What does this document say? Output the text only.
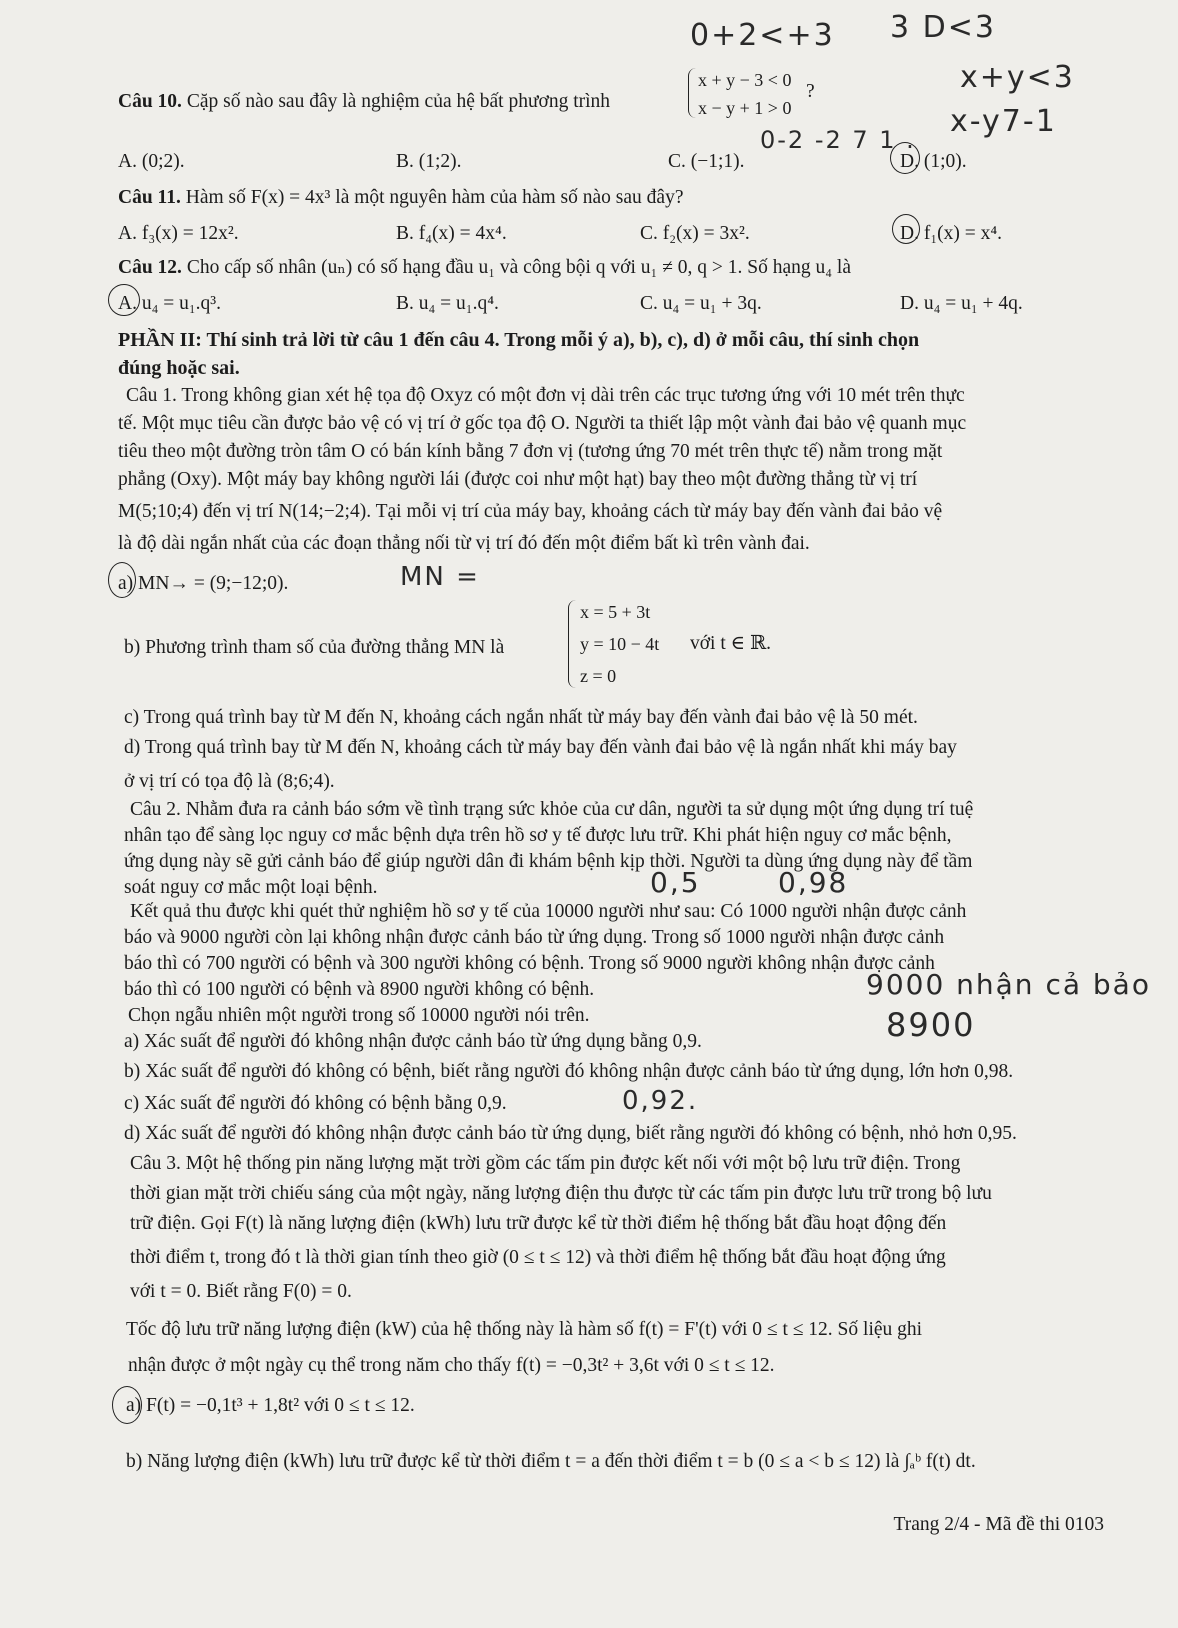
0+2<+3 3 D<3
x+y<3
x-y7-1
Câu 10. Cặp số nào sau đây là nghiệm của hệ bất phương trình
x + y − 3 < 0
x − y + 1 > 0
?
A. (0;2).	B. (1;2).	C. (−1;1).	D. (1;0).
0-2 -2 7 1 .
Câu 11. Hàm số F(x) = 4x³ là một nguyên hàm của hàm số nào sau đây?
A. f₃(x) = 12x².	B. f₄(x) = 4x⁴.	C. f₂(x) = 3x².	D. f₁(x) = x⁴.
Câu 12. Cho cấp số nhân (uₙ) có số hạng đầu u₁ và công bội q với u₁ ≠ 0, q > 1. Số hạng u₄ là
A. u₄ = u₁.q³.	B. u₄ = u₁.q⁴.	C. u₄ = u₁ + 3q.	D. u₄ = u₁ + 4q.
PHẦN II: Thí sinh trả lời từ câu 1 đến câu 4. Trong mỗi ý a), b), c), d) ở mỗi câu, thí sinh chọn
đúng hoặc sai.
Câu 1. Trong không gian xét hệ tọa độ Oxyz có một đơn vị dài trên các trục tương ứng với 10 mét trên thực
tế. Một mục tiêu cần được bảo vệ có vị trí ở gốc tọa độ O. Người ta thiết lập một vành đai bảo vệ quanh mục
tiêu theo một đường tròn tâm O có bán kính bằng 7 đơn vị (tương ứng 70 mét trên thực tế) nằm trong mặt
phẳng (Oxy). Một máy bay không người lái (được coi như một hạt) bay theo một đường thẳng từ vị trí
M(5;10;4) đến vị trí N(14;−2;4). Tại mỗi vị trí của máy bay, khoảng cách từ máy bay đến vành đai bảo vệ
là độ dài ngắn nhất của các đoạn thẳng nối từ vị trí đó đến một điểm bất kì trên vành đai.
a) MN→ = (9;−12;0).	MN =
b) Phương trình tham số của đường thẳng MN là
x = 5 + 3t
y = 10 − 4t
z = 0
với t ∈ ℝ.
c) Trong quá trình bay từ M đến N, khoảng cách ngắn nhất từ máy bay đến vành đai bảo vệ là 50 mét.
d) Trong quá trình bay từ M đến N, khoảng cách từ máy bay đến vành đai bảo vệ là ngắn nhất khi máy bay
ở vị trí có tọa độ là (8;6;4).
Câu 2. Nhằm đưa ra cảnh báo sớm về tình trạng sức khỏe của cư dân, người ta sử dụng một ứng dụng trí tuệ
nhân tạo để sàng lọc nguy cơ mắc bệnh dựa trên hồ sơ y tế được lưu trữ. Khi phát hiện nguy cơ mắc bệnh,
ứng dụng này sẽ gửi cảnh báo để giúp người dân đi khám bệnh kịp thời. Người ta dùng ứng dụng này để tầm
soát nguy cơ mắc một loại bệnh.	0,5	0,98
Kết quả thu được khi quét thử nghiệm hồ sơ y tế của 10000 người như sau: Có 1000 người nhận được cảnh
báo và 9000 người còn lại không nhận được cảnh báo từ ứng dụng. Trong số 1000 người nhận được cảnh
báo thì có 700 người có bệnh và 300 người không có bệnh. Trong số 9000 người không nhận được cảnh
báo thì có 100 người có bệnh và 8900 người không có bệnh.	9000 nhận cả bảo
Chọn ngẫu nhiên một người trong số 10000 người nói trên.	8900
a) Xác suất để người đó không nhận được cảnh báo từ ứng dụng bằng 0,9.
b) Xác suất để người đó không có bệnh, biết rằng người đó không nhận được cảnh báo từ ứng dụng, lớn hơn 0,98.
c) Xác suất để người đó không có bệnh bằng 0,9.	0,92.
d) Xác suất để người đó không nhận được cảnh báo từ ứng dụng, biết rằng người đó không có bệnh, nhỏ hơn 0,95.
Câu 3. Một hệ thống pin năng lượng mặt trời gồm các tấm pin được kết nối với một bộ lưu trữ điện. Trong
thời gian mặt trời chiếu sáng của một ngày, năng lượng điện thu được từ các tấm pin được lưu trữ trong bộ lưu
trữ điện. Gọi F(t) là năng lượng điện (kWh) lưu trữ được kể từ thời điểm hệ thống bắt đầu hoạt động đến
thời điểm t, trong đó t là thời gian tính theo giờ (0 ≤ t ≤ 12) và thời điểm hệ thống bắt đầu hoạt động ứng
với t = 0. Biết rằng F(0) = 0.
Tốc độ lưu trữ năng lượng điện (kW) của hệ thống này là hàm số f(t) = F'(t) với 0 ≤ t ≤ 12. Số liệu ghi
nhận được ở một ngày cụ thể trong năm cho thấy f(t) = −0,3t² + 3,6t với 0 ≤ t ≤ 12.
a) F(t) = −0,1t³ + 1,8t² với 0 ≤ t ≤ 12.
b) Năng lượng điện (kWh) lưu trữ được kể từ thời điểm t = a đến thời điểm t = b (0 ≤ a < b ≤ 12) là ∫ₐᵇ f(t) dt.
Trang 2/4 - Mã đề thi 0103
